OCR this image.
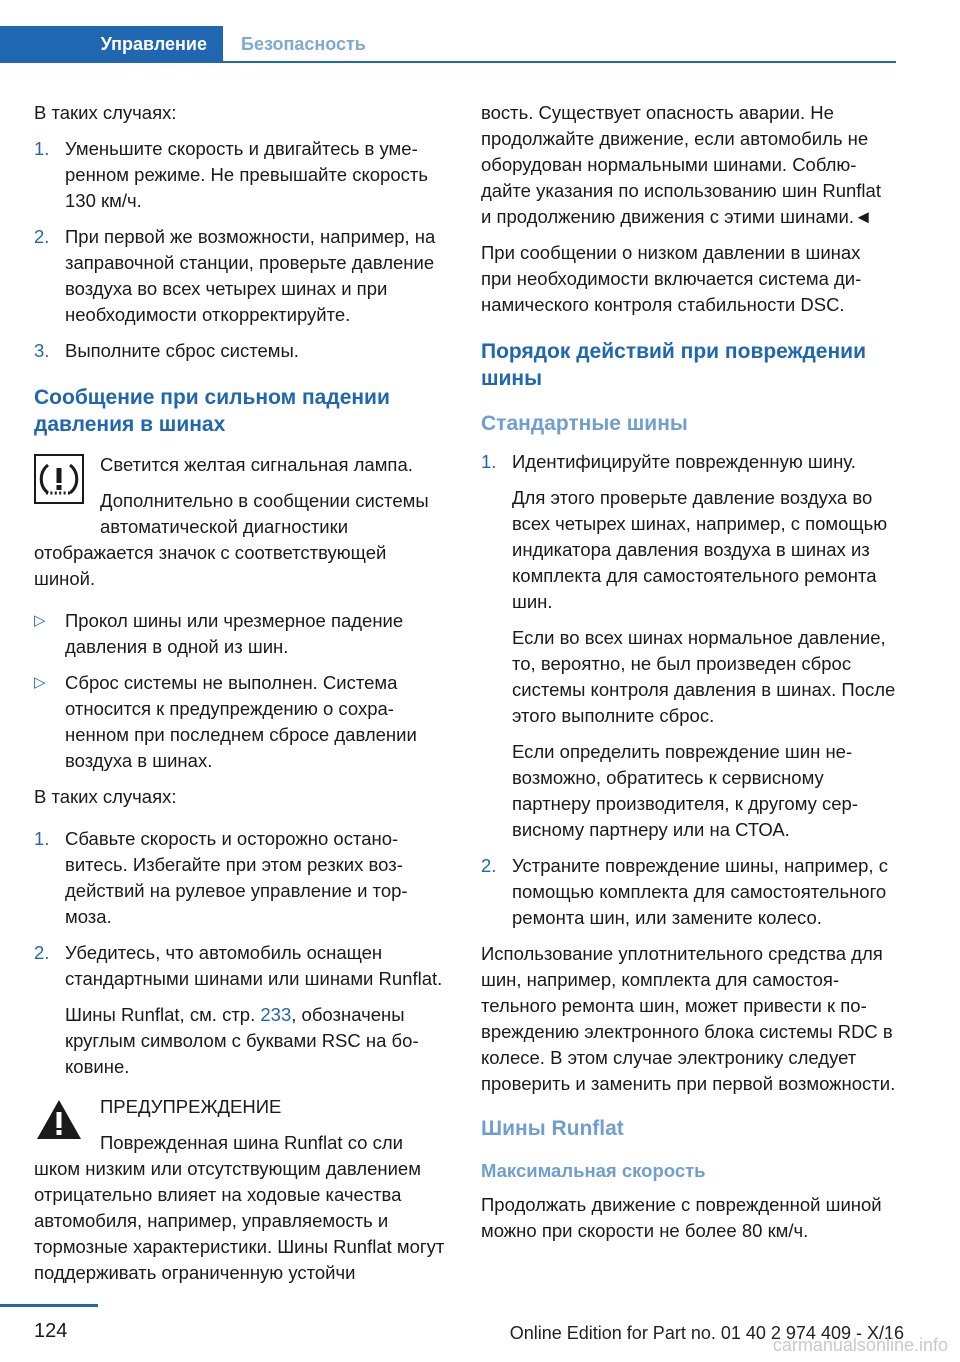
Управление Безопасность

В таких случаях:

1. Уменьшите скорость и двигайтесь в умеренном режиме. Не превышайте скорость 130 км/ч.
2. При первой же возможности, например, на заправочной станции, проверьте давление воздуха во всех четырех шинах и при необходимости откорректируйте.
3. Выполните сброс системы.
Сообщение при сильном падении давления в шинах

Светится желтая сигнальная лампа.

Дополнительно в сообщении системы автоматической диагностики

отображается значок с соответствующей шиной.

▷ Прокол шины или чрезмерное падение давления в одной из шин.
▷ Сброс системы не выполнен. Система относится к предупреждению о сохраненном при последнем сбросе давлении воздуха в шинах.

В таких случаях:

1. Сбавьте скорость и осторожно остановитесь. Избегайте при этом резких воздействий на рулевое управление и тормоза.
2. Убедитесь, что автомобиль оснащен стандартными шинами или шинами Runflat.

Шины Runflat, см. стр. 233, обозначены круглым символом с буквами RSC на боковине.

ПРЕДУПРЕЖДЕНИЕ

Поврежденная шина Runflat со сли

шком низким или отсутствующим давлением отрицательно влияет на ходовые качества автомобиля, например, управляемость и тормозные характеристики. Шины Runflat могут поддерживать ограниченную устойчи

вость. Существует опасность аварии. Не продолжайте движение, если автомобиль не оборудован нормальными шинами. Соблюдайте указания по использованию шин Runflat и продолжению движения с этими шинами.◄

При сообщении о низком давлении в шинах при необходимости включается система динамического контроля стабильности DSC.

Порядок действий при повреждении шины
Стандартные шины
1. Идентифицируйте поврежденную шину.

Для этого проверьте давление воздуха во всех четырех шинах, например, с помощью индикатора давления воздуха в шинах из комплекта для самостоятельного ремонта шин.

Если во всех шинах нормальное давление, то, вероятно, не был произведен сброс системы контроля давления в шинах. После этого выполните сброс.

Если определить повреждение шин невозможно, обратитесь к сервисному партнеру производителя, к другому сервисному партнеру или на СТОА.

2. Устраните повреждение шины, например, с помощью комплекта для самостоятельного ремонта шин, или замените колесо.

Использование уплотнительного средства для шин, например, комплекта для самостоятельного ремонта шин, может привести к повреждению электронного блока системы RDC в колесе. В этом случае электронику следует проверить и заменить при первой возможности.

Шины Runflat
Максимальная скорость

Продолжать движение с поврежденной шиной можно при скорости не более 80 км/ч.

124	Online Edition for Part no. 01 40 2 974 409 - X/16
carmanualsonline.info
